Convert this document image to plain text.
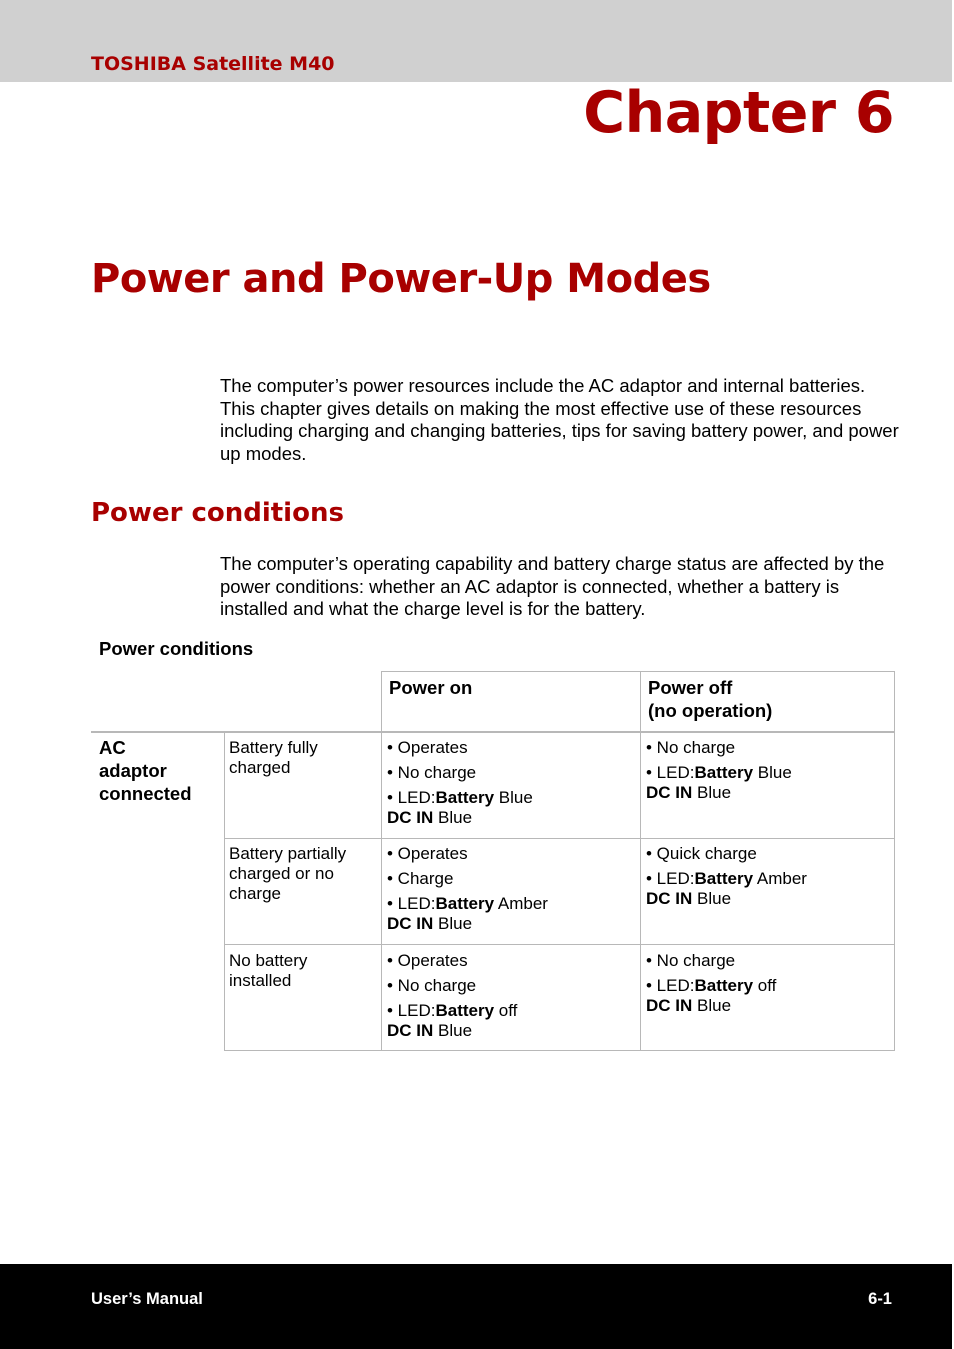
TOSHIBA Satellite M40
Chapter 6
Power and Power-Up Modes

The computer’s power resources include the AC adaptor and internal batteries. This chapter gives details on making the most effective use of these resources including charging and changing batteries, tips for saving battery power, and power up modes.

Power conditions

The computer’s operating capability and battery charge status are affected by the power conditions: whether an AC adaptor is connected, whether a battery is installed and what the charge level is for the battery.

Power conditions
Power on	Power off
(no operation)
AC
adaptor
connected
Battery fully charged
• Operates
• No charge
• LED:Battery Blue
DC IN Blue
• No charge
• LED:Battery Blue
DC IN Blue
Battery partially charged or no charge
• Operates
• Charge
• LED:Battery Amber
DC IN Blue
• Quick charge
• LED:Battery Amber
DC IN Blue
No battery installed
• Operates
• No charge
• LED:Battery off
DC IN Blue
• No charge
• LED:Battery off
DC IN Blue
User’s Manual	6-1
